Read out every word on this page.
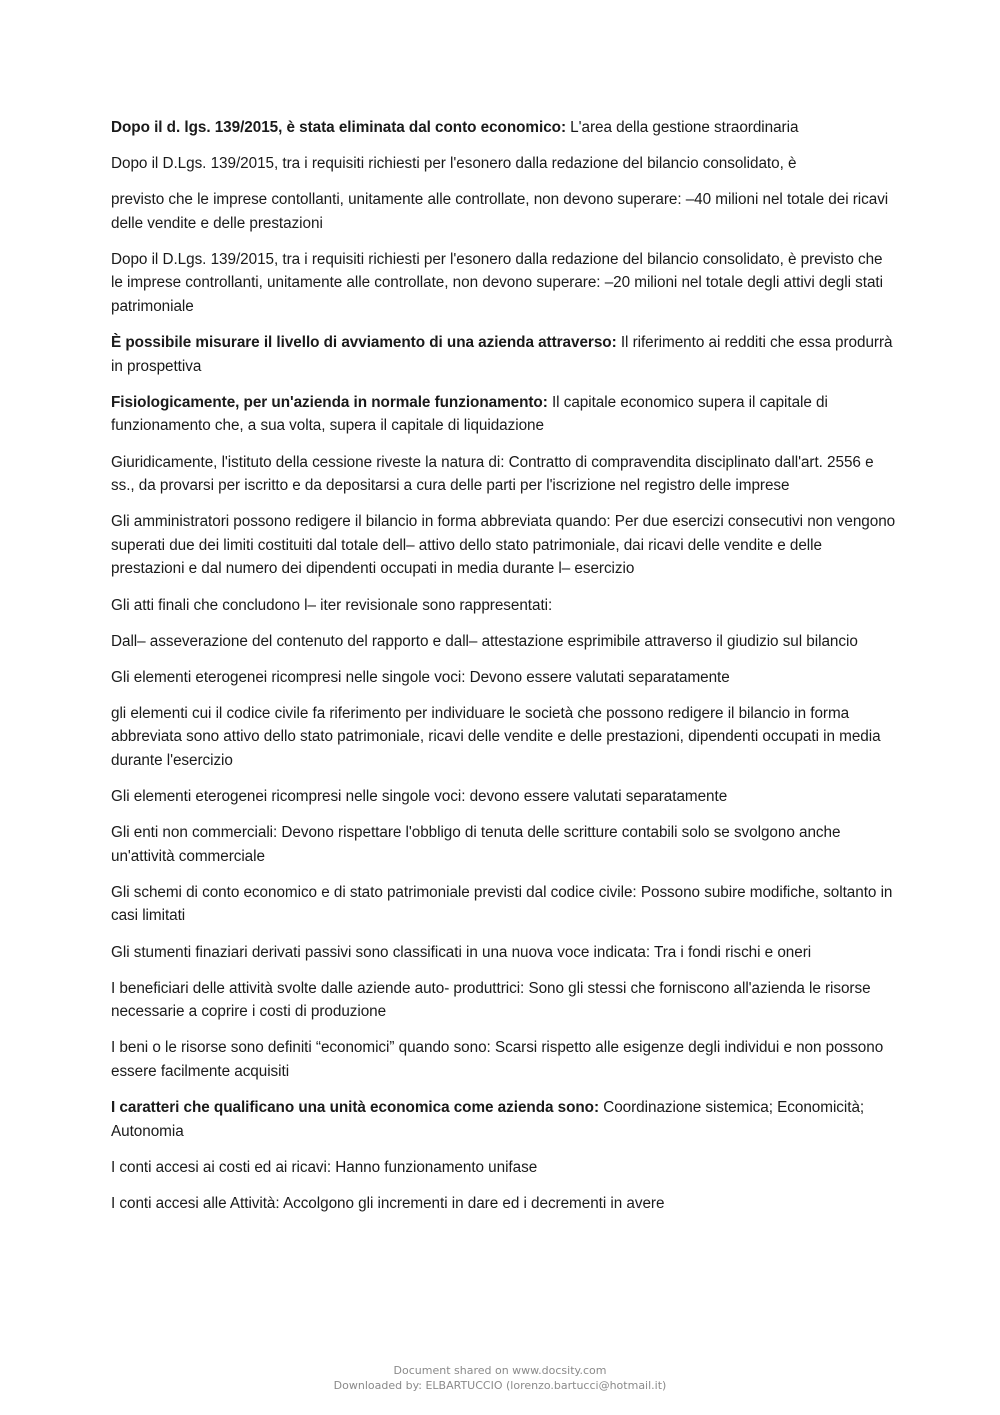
Dopo il d. lgs. 139/2015, è stata eliminata dal conto economico: L'area della gestione straordinaria

Dopo il D.Lgs. 139/2015, tra i requisiti richiesti per l'esonero dalla redazione del bilancio consolidato, è

previsto che le imprese contollanti, unitamente alle controllate, non devono superare: –40 milioni nel totale dei ricavi delle vendite e delle prestazioni

Dopo il D.Lgs. 139/2015, tra i requisiti richiesti per l'esonero dalla redazione del bilancio consolidato, è previsto che le imprese controllanti, unitamente alle controllate, non devono superare: –20 milioni nel totale degli attivi degli stati patrimoniale

È possibile misurare il livello di avviamento di una azienda attraverso: Il riferimento ai redditi che essa produrrà in prospettiva

Fisiologicamente, per un'azienda in normale funzionamento: Il capitale economico supera il capitale di funzionamento che, a sua volta, supera il capitale di liquidazione

Giuridicamente, l'istituto della cessione riveste la natura di: Contratto di compravendita disciplinato dall'art. 2556 e ss., da provarsi per iscritto e da depositarsi a cura delle parti per l'iscrizione nel registro delle imprese

Gli amministratori possono redigere il bilancio in forma abbreviata quando: Per due esercizi consecutivi non vengono superati due dei limiti costituiti dal totale dell– attivo dello stato patrimoniale, dai ricavi delle vendite e delle prestazioni e dal numero dei dipendenti occupati in media durante l– esercizio

Gli atti finali che concludono l– iter revisionale sono rappresentati:

Dall– asseverazione del contenuto del rapporto e dall– attestazione esprimibile attraverso il giudizio sul bilancio

Gli elementi eterogenei ricompresi nelle singole voci: Devono essere valutati separatamente

gli elementi cui il codice civile fa riferimento per individuare le società che possono redigere il bilancio in forma abbreviata sono attivo dello stato patrimoniale, ricavi delle vendite e delle prestazioni, dipendenti occupati in media durante l'esercizio

Gli elementi eterogenei ricompresi nelle singole voci: devono essere valutati separatamente

Gli enti non commerciali: Devono rispettare l'obbligo di tenuta delle scritture contabili solo se svolgono anche un'attività commerciale

Gli schemi di conto economico e di stato patrimoniale previsti dal codice civile: Possono subire modifiche, soltanto in casi limitati

Gli stumenti finaziari derivati passivi sono classificati in una nuova voce indicata: Tra i fondi rischi e oneri

I beneficiari delle attività svolte dalle aziende auto- produttrici: Sono gli stessi che forniscono all'azienda le risorse necessarie a coprire i costi di produzione

I beni o le risorse sono definiti “economici” quando sono: Scarsi rispetto alle esigenze degli individui e non possono essere facilmente acquisiti

I caratteri che qualificano una unità economica come azienda sono: Coordinazione sistemica; Economicità; Autonomia

I conti accesi ai costi ed ai ricavi: Hanno funzionamento unifase

I conti accesi alle Attività: Accolgono gli incrementi in dare ed i decrementi in avere

Document shared on www.docsity.com
Downloaded by: ELBARTUCCIO (lorenzo.bartucci@hotmail.it)
